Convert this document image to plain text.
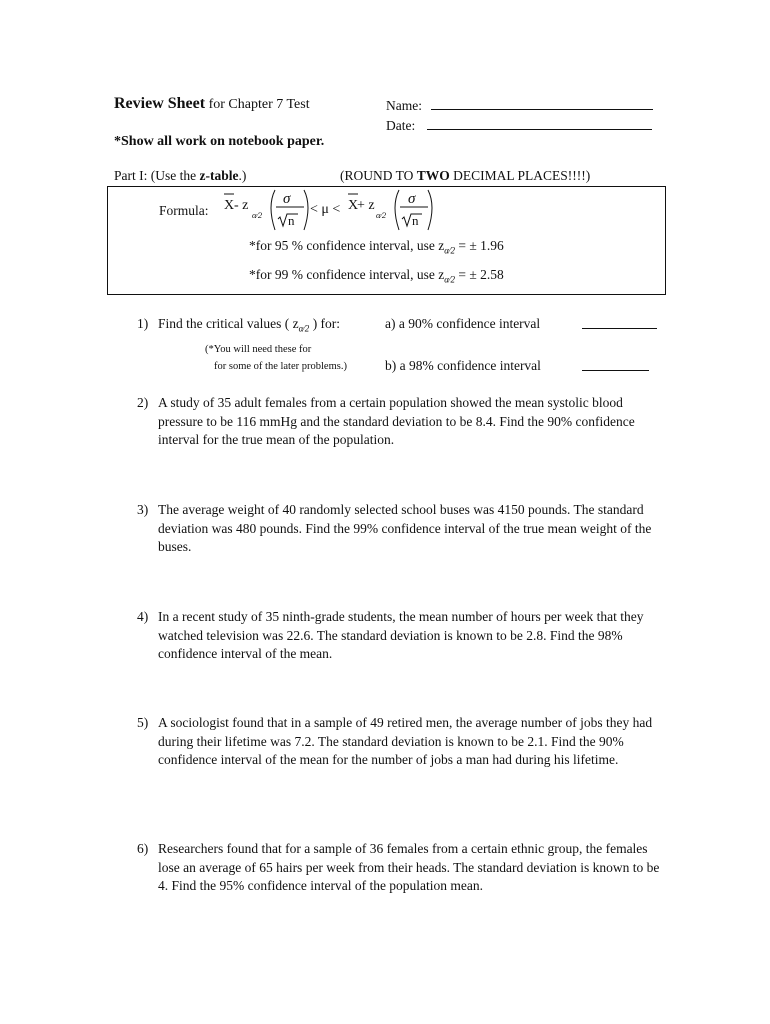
Review Sheet for Chapter 7 Test	Name:
Date:
*Show all work on notebook paper.
Part I: (Use the z-table.)	(ROUND TO TWO DECIMAL PLACES!!!!)
Formula: X - z
α⁄2
σ
n
< μ < X
+ z
α⁄2
σ
n
*for 95 % confidence interval, use $z_{\alpha⁄2}$ = ± 1.96
*for 99 % confidence interval, use $z_{\alpha⁄2}$ = ± 2.58
1) Find the critical values ( $z_{\alpha⁄2}$ ) for:	a) a 90% confidence interval
(*You will need these for
for some of the later problems.)	b) a 98% confidence interval
2) A study of 35 adult females from a certain population showed the mean systolic blood pressure to be 116 mmHg and the standard deviation to be 8.4. Find the 90% confidence interval for the true mean of the population.
3) The average weight of 40 randomly selected school buses was 4150 pounds. The standard deviation was 480 pounds. Find the 99% confidence interval of the true mean weight of the buses.
4) In a recent study of 35 ninth-grade students, the mean number of hours per week that they watched television was 22.6. The standard deviation is known to be 2.8. Find the 98% confidence interval of the mean.
5) A sociologist found that in a sample of 49 retired men, the average number of jobs they had during their lifetime was 7.2. The standard deviation is known to be 2.1. Find the 90% confidence interval of the mean for the number of jobs a man had during his lifetime.
6) Researchers found that for a sample of 36 females from a certain ethnic group, the females lose an average of 65 hairs per week from their heads. The standard deviation is known to be 4. Find the 95% confidence interval of the population mean.
